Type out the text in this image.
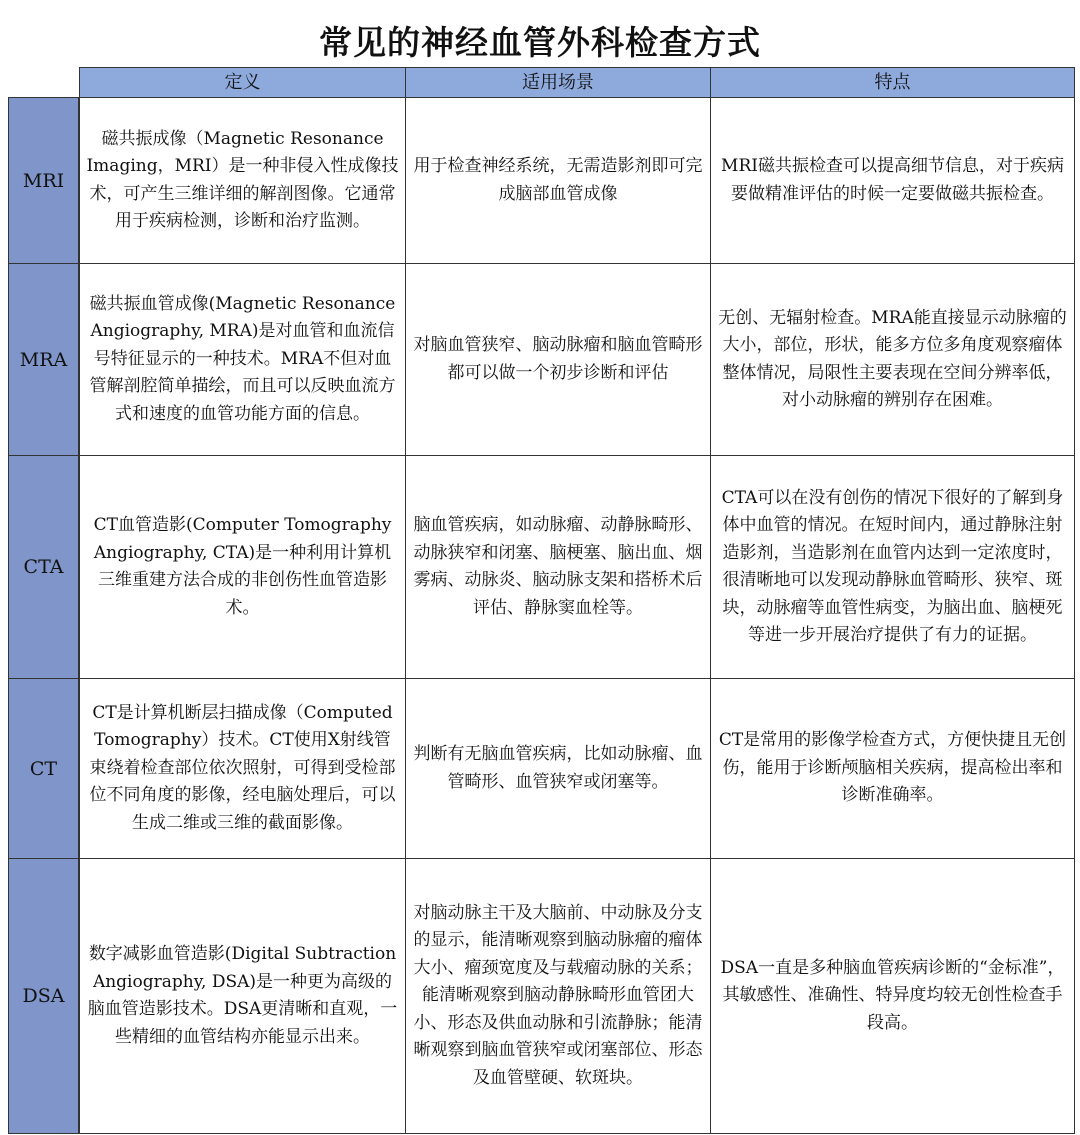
常见的神经血管外科检查方式
定义	适用场景	特点
MRI
磁共振成像（Magnetic Resonance Imaging，MRI）是一种非侵入性成像技术，可产生三维详细的解剖图像。它通常用于疾病检测，诊断和治疗监测。
用于检查神经系统，无需造影剂即可完成脑部血管成像
MRI磁共振检查可以提高细节信息，对于疾病要做精准评估的时候一定要做磁共振检查。
MRA
磁共振血管成像(Magnetic Resonance Angiography, MRA)是对血管和血流信号特征显示的一种技术。MRA不但对血管解剖腔简单描绘，而且可以反映血流方式和速度的血管功能方面的信息。
对脑血管狭窄、脑动脉瘤和脑血管畸形都可以做一个初步诊断和评估
无创、无辐射检查。MRA能直接显示动脉瘤的大小，部位，形状，能多方位多角度观察瘤体整体情况，局限性主要表现在空间分辨率低，对小动脉瘤的辨别存在困难。
CTA
CT血管造影(Computer Tomography Angiography, CTA)是一种利用计算机三维重建方法合成的非创伤性血管造影术。
脑血管疾病，如动脉瘤、动静脉畸形、动脉狭窄和闭塞、脑梗塞、脑出血、烟雾病、动脉炎、脑动脉支架和搭桥术后评估、静脉窦血栓等。
CTA可以在没有创伤的情况下很好的了解到身体中血管的情况。在短时间内，通过静脉注射造影剂，当造影剂在血管内达到一定浓度时，很清晰地可以发现动静脉血管畸形、狭窄、斑块，动脉瘤等血管性病变，为脑出血、脑梗死等进一步开展治疗提供了有力的证据。
CT
CT是计算机断层扫描成像（Computed Tomography）技术。CT使用X射线管束绕着检查部位依次照射，可得到受检部位不同角度的影像，经电脑处理后，可以生成二维或三维的截面影像。
判断有无脑血管疾病，比如动脉瘤、血管畸形、血管狭窄或闭塞等。
CT是常用的影像学检查方式，方便快捷且无创伤，能用于诊断颅脑相关疾病，提高检出率和诊断准确率。
DSA
数字减影血管造影(Digital Subtraction Angiography, DSA)是一种更为高级的脑血管造影技术。DSA更清晰和直观，一些精细的血管结构亦能显示出来。
对脑动脉主干及大脑前、中动脉及分支的显示，能清晰观察到脑动脉瘤的瘤体大小、瘤颈宽度及与载瘤动脉的关系；能清晰观察到脑动静脉畸形血管团大小、形态及供血动脉和引流静脉；能清晰观察到脑血管狭窄或闭塞部位、形态及血管壁硬、软斑块。
DSA一直是多种脑血管疾病诊断的“金标准”，其敏感性、准确性、特异度均较无创性检查手段高。
